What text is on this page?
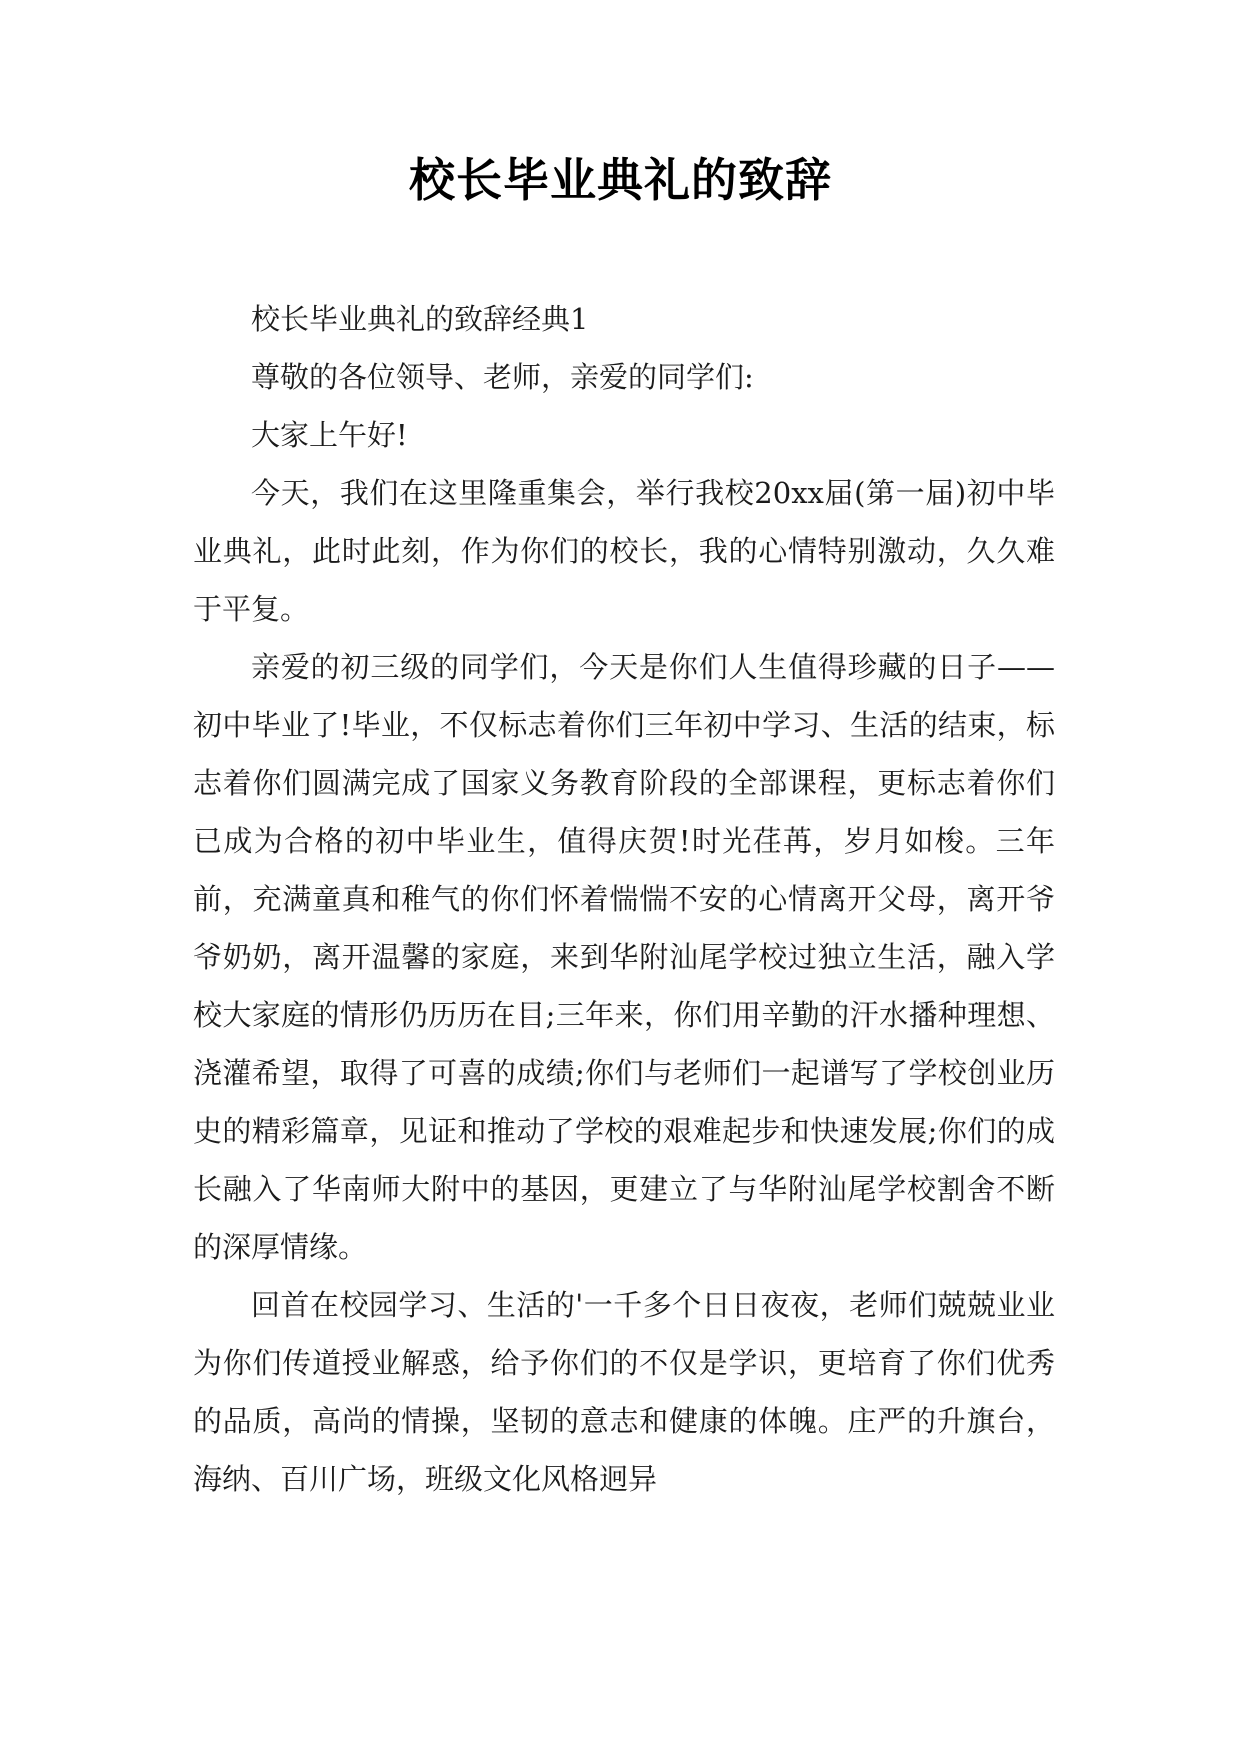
校长毕业典礼的致辞

校长毕业典礼的致辞经典1

尊敬的各位领导、老师，亲爱的同学们:

大家上午好!

今天，我们在这里隆重集会，举行我校20xx届(第一届)初中毕业典礼，此时此刻，作为你们的校长，我的心情特别激动，久久难于平复。

亲爱的初三级的同学们，今天是你们人生值得珍藏的日子——初中毕业了!毕业，不仅标志着你们三年初中学习、生活的结束，标志着你们圆满完成了国家义务教育阶段的全部课程，更标志着你们已成为合格的初中毕业生，值得庆贺!时光荏苒，岁月如梭。三年前，充满童真和稚气的你们怀着惴惴不安的心情离开父母，离开爷爷奶奶，离开温馨的家庭，来到华附汕尾学校过独立生活，融入学校大家庭的情形仍历历在目;三年来，你们用辛勤的汗水播种理想、浇灌希望，取得了可喜的成绩;你们与老师们一起谱写了学校创业历史的精彩篇章，见证和推动了学校的艰难起步和快速发展;你们的成长融入了华南师大附中的基因，更建立了与华附汕尾学校割舍不断的深厚情缘。

回首在校园学习、生活的'一千多个日日夜夜，老师们兢兢业业为你们传道授业解惑，给予你们的不仅是学识，更培育了你们优秀的品质，高尚的情操，坚韧的意志和健康的体魄。庄严的升旗台，海纳、百川广场，班级文化风格迥异
